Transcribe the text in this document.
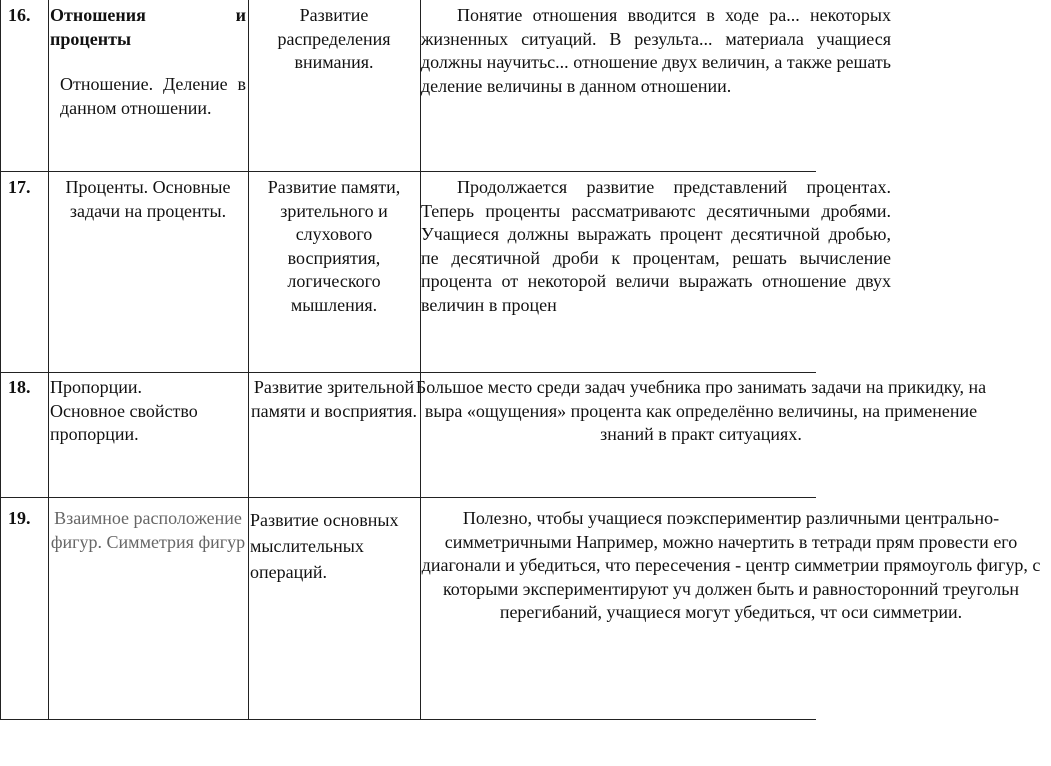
16. Отношения и проценты

Отношение. Деление в данном отношении.

Развитие распределения внимания.
Понятие отношения вводится в ходе ра... некоторых жизненных ситуаций. В результа... материала учащиеся должны научитьс... отношение двух величин, а также решать деление величины в данном отношении.
17.	Проценты. Основные задачи на проценты.
Развитие памяти, зрительного и слухового восприятия, логического мышления.
Продолжается развитие представлений процентах. Теперь проценты рассматриваютс десятичными дробями. Учащиеся должны выражать процент десятичной дробью, пе десятичной дроби к процентам, решать вычисление процента от некоторой величи выражать отношение двух величин в процен
18. Пропорции. Основное свойство пропорции.
Развитие зрительной памяти и восприятия.
Большое место среди задач учебника про занимать задачи на прикидку, на выра «ощущения» процента как определённо величины, на применение знаний в практ ситуациях.
19. Взаимное расположение фигур. Симметрия фигур
Развитие основных мыслительных операций.
Полезно, чтобы учащиеся поэкспериментир различными центрально-симметричными Например, можно начертить в тетради прям провести его диагонали и убедиться, что пересечения - центр симметрии прямоуголь фигур, с которыми экспериментируют уч должен быть и равносторонний треугольн перегибаний, учащиеся могут убедиться, чт оси симметрии.
